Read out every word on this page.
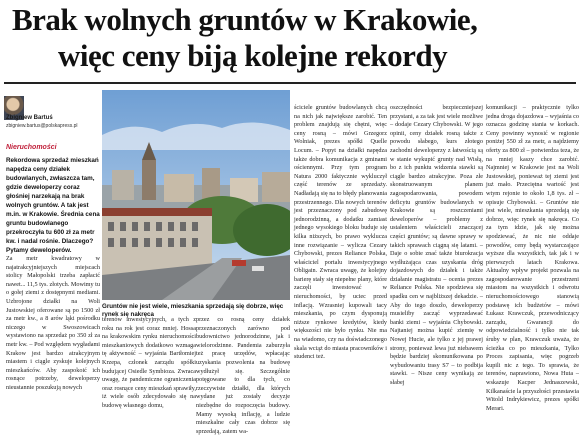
Brak wolnych gruntów w Krakowie,
więc ceny biją kolejne rekordy
Zbigniew Bartuś
zbigniew.bartus@polskapress.pl
Nieruchomości
Rekordowa sprzedaż mieszkań napędza ceny działek budowlanych, zwłaszcza tam, gdzie deweloperzy coraz głośniej narzekają na brak wolnych gruntów. A tak jest m.in. w Krakowie. Średnia cena gruntu budowlanego przekroczyła tu 600 zł za metr kw. i nadal rośnie. Dlaczego? Pytamy deweloperów.
Za metr kwadratowy w najatrakcyjniejszych miejscach stolicy Małopolski trzeba zapłacić nawet... 11,5 tys. złotych. Mowimy tu o gołej ziemi z dostępnymi mediami. Uzbrojone działki na Woli Justowskiej oferowane są po 1500 zł za metr kw., a 8 arów ląki pośrodku niczego w Swoszowicach wystawiono na sprzedaż po 350 zł za metr kw. – Pod względem wygładami Krakow jest bardzo atrakcyjnym miastem i ciągle zyskuje kolejnych mieszkańców. Aby zaspokoić ich rosnące potrzeby, deweloperzy nieustannie poszukują nowych
Gruntów nie jest wiele, mieszkania sprzedają się dobrze, więc rynek się nakręca
terenów inwestycyjnych, a tych z roku na rok jest coraz mniej. Hossa na krakowskim rynku nieruchomości mieszkaniowych dodatkowo wzmaga tę aktywność – wyjaśnia Bartłomiej Krzepa, członek zarządu spółki budującej Osiedle Symbioza. Zwraca uwagę, że pandemiczne ograniczenia oraz rosnące ceny mieszkań sprawiły, iż wiele osób zdecydowało się na budowę własnego domu,
przez co rosną ceny działek przeznaczonych zarówno pod budownictwo jednorodzinne, jak i wielorodzinne. Pandemia zaburzyła też pracę urzędów, wpłacając uzyskania pozwolenia na budowę wydłużył się. Szczególnie potęgowane to dla tych, co rzeczywiste działki, dla których wydane już zostały decyzje niezbędne do rozpoczęcia budowy. Mamy wysoką inflację, a ludzie mieszkalne cały czas dobrze się sprzedają, zatem wa-
ściciele gruntów budowlanych chcą na nich jak największe zarobić. Ten problem znajdują się chętni, więc ceny rosną – mówi Grzegorz Wolniak, prezes spółki Quelle Locum. – Popyt na działki napędza także dobra komunikacja z gminami ościennymi. Przy tym program Natura 2000 faktycznie wykluczył część terenów ze sprzedaży. Nadładają się na to błędy planowania przestrzennego. Dla nowych terenów jest przeznaczony pod zabudowę jednorodzinną, a dodatku zamiast jednego wysokiego bloku buduje się kilka niższych, bo prawo wyklucza inne rozwiązanie – wylicza Cezary Chybowski, prezes Reliance Polska, właściciel portalu inwestycyjnego Obligain. Zwraca uwagę, że kolejny barierę stały się niepełne plany, które zaczęli inwestować w nieruchomości, by uciec przed inflacją. Wzrasniej kupowali tacy mieszkania, po czym dysponują niższe rynkowe kredytów, kiedy większości nie było rynku. Nie ma na wiadomo, czy na doświadczonego skala wciąż do miasta pracowników i studenci też.
oszczędności bezpieczniejszej przystani, a za tak jest wiele możliwe – dodaje Cezary Chybowski. W jego opinii, ceny działek rosną także z powodu słabego, kurs złotego zachodni deweloperzy z łatwością są w stanie wykupić grunty nad Wisłą, bo z ich punktu widzenia stawki są ciągle bardzo atrakcyjne. Poza złe skonstruowanym planem zagospodarowania, powodem deficytu gruntów budowlanych w Krakowie są roszczeniami deweloperów – problemy z ustaleniem właścicieli znaczącej części gruntów; są dawne sprawy w takich sprawach ciągną się latami. – Daje o sobie znać także biurokracja wydłużająca czas uzyskania dróg dojazdowych do działek i także działanie magistratu – ocenia prezes Reliance Polska. Nie spodziewa się spadku cen w najbliższej dekadzie. – Aby do tego doszło, deweloperzy musieliby zacząć wyprzedawać banki ziemi – wyjaśnia Chybowski. Najtaniej można kupić ziemię w Nowej Hucie, ale tylko z jej prawej strony, ponieważ lewa już niebawem będzie bardziej skomunikowana po wybudowaniu trasy S7 – to podbija stawki. – Nisze ceny wynikają ze słabej
komunikacji – praktycznie tylko jedna droga dojazdowa – wyjaśnia co oznacza godzinę stania w korkach. Ceny powinny wynosić w regionie poniżej 550 zł za metr, a najdziemy oferty za 800 zł – potwierdza teza, że na mniej kaszy chce zarobić. Najmniej w Krakowie jest na Woli Justowskiej, ponieważ tej ziemi jest już mało. Przeciętna wartość jest wtym rejonie to około 1,8 tys. zł – opisuje Chybowski. – Gruntów nie jest wiele, mieszkania sprzedają się dobrze, więc rynek się nakręca. Co za tym idzie, jak się można spodziewać, że nic nie oddaje powodów, ceny będą wystarczające wyższe dla wszystkich, tak jak i w pierwszych latach Krakowa. Aktualny wpływ projekt pozwala na zagospodarowanie przestrzeni miastom na wszystkich i odwrotu nieruchomościowego stanowią podstawę ich budżetów – mówi Łukasz Krawczuk, przewodniczący zarządu, Gwarancji do odpowiedzialność i tylko nie tak śruby w plan, Krawczuk uważa, że ścieżka co po mieszkania, Tylko Proces zapisania, więc pogrzeb kupili nic z tego. To sprawia, że terenów, naprawiono, Nowa Huta – wskazuje Kacper Jednaszewski, Kilkanaście la przyszłości przestawia Witold Indrykiewicz, prezes spółki Merari.
